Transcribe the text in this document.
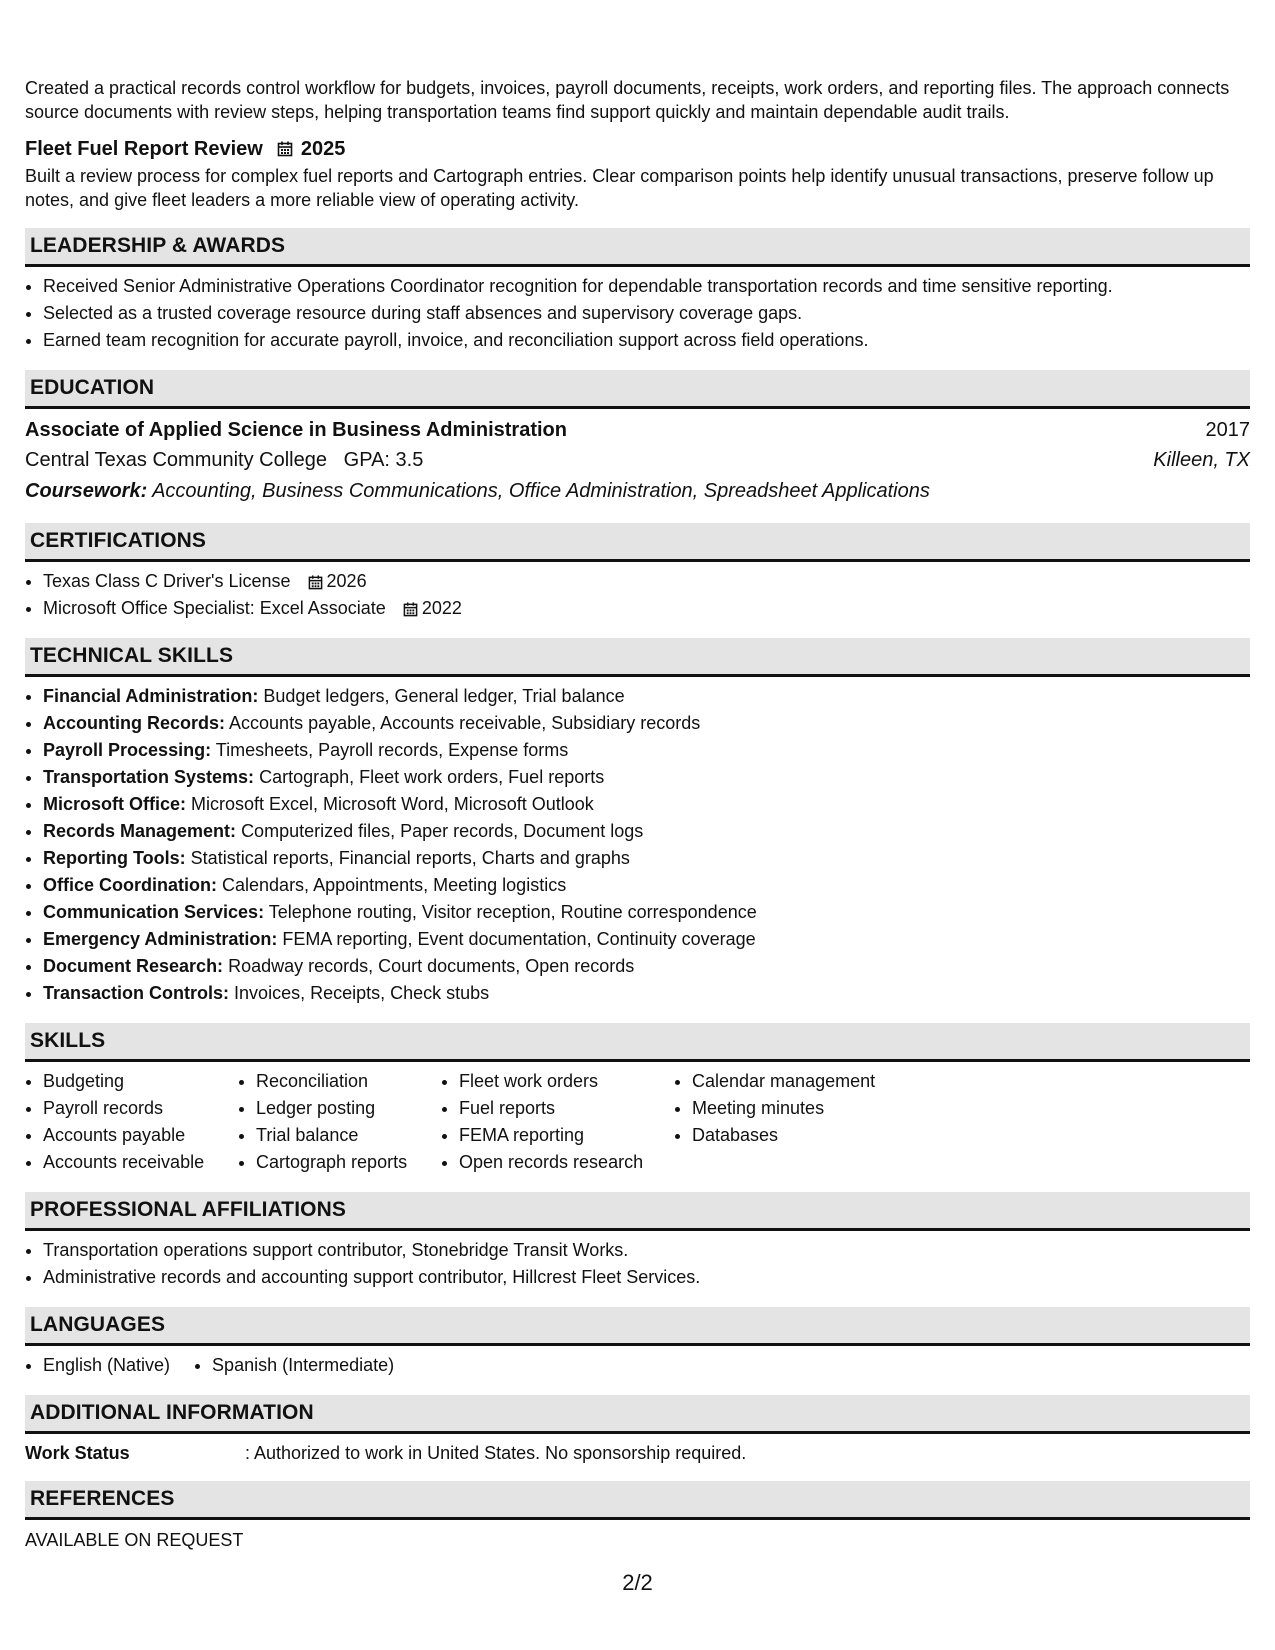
Created a practical records control workflow for budgets, invoices, payroll documents, receipts, work orders, and reporting files. The approach connects source documents with review steps, helping transportation teams find support quickly and maintain dependable audit trails.

Fleet Fuel Report Review 2025

Built a review process for complex fuel reports and Cartograph entries. Clear comparison points help identify unusual transactions, preserve follow up notes, and give fleet leaders a more reliable view of operating activity.

LEADERSHIP & AWARDS
• Received Senior Administrative Operations Coordinator recognition for dependable transportation records and time sensitive reporting.
• Selected as a trusted coverage resource during staff absences and supervisory coverage gaps.
• Earned team recognition for accurate payroll, invoice, and reconciliation support across field operations.
EDUCATION
Associate of Applied Science in Business Administration	2017
Central Texas Community College GPA: 3.5	Killeen, TX
Coursework: Accounting, Business Communications, Office Administration, Spreadsheet Applications
CERTIFICATIONS
• Texas Class C Driver's License 2026
• Microsoft Office Specialist: Excel Associate 2022
TECHNICAL SKILLS
• Financial Administration: Budget ledgers, General ledger, Trial balance
• Accounting Records: Accounts payable, Accounts receivable, Subsidiary records
• Payroll Processing: Timesheets, Payroll records, Expense forms
• Transportation Systems: Cartograph, Fleet work orders, Fuel reports
• Microsoft Office: Microsoft Excel, Microsoft Word, Microsoft Outlook
• Records Management: Computerized files, Paper records, Document logs
• Reporting Tools: Statistical reports, Financial reports, Charts and graphs
• Office Coordination: Calendars, Appointments, Meeting logistics
• Communication Services: Telephone routing, Visitor reception, Routine correspondence
• Emergency Administration: FEMA reporting, Event documentation, Continuity coverage
• Document Research: Roadway records, Court documents, Open records
• Transaction Controls: Invoices, Receipts, Check stubs
SKILLS
• Budgeting
• Payroll records
• Accounts payable
• Accounts receivable
• Reconciliation
• Ledger posting
• Trial balance
• Cartograph reports
• Fleet work orders
• Fuel reports
• FEMA reporting
• Open records research
• Calendar management
• Meeting minutes
• Databases
PROFESSIONAL AFFILIATIONS
• Transportation operations support contributor, Stonebridge Transit Works.
• Administrative records and accounting support contributor, Hillcrest Fleet Services.
LANGUAGES
• English (Native)
• Spanish (Intermediate)
ADDITIONAL INFORMATION
Work Status	: Authorized to work in United States. No sponsorship required.
REFERENCES
AVAILABLE ON REQUEST
2/2
